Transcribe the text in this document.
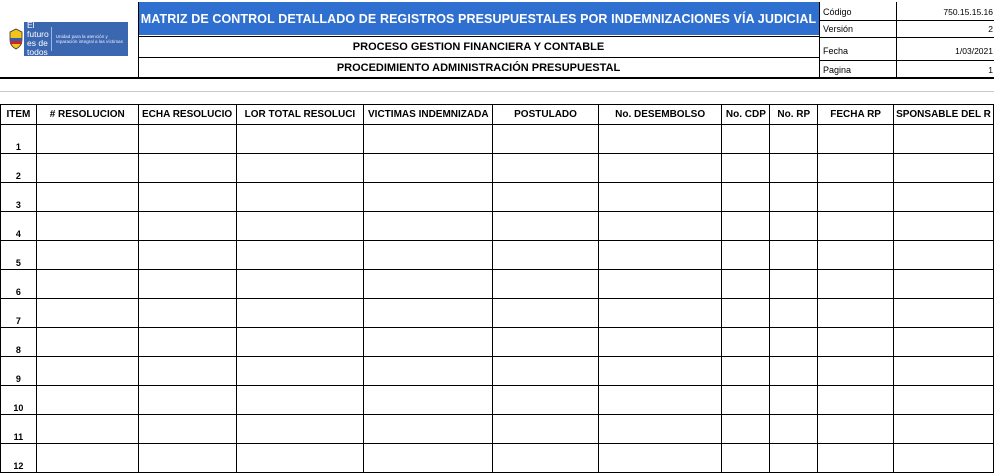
El futuro es de todos
Unidad para la atención y reparación integral a las víctimas
MATRIZ DE CONTROL DETALLADO DE REGISTROS PRESUPUESTALES POR INDEMNIZACIONES VÍA JUDICIAL
PROCESO GESTION FINANCIERA Y CONTABLE
PROCEDIMIENTO ADMINISTRACIÓN PRESUPUESTAL
Código	750.15.15.16
Versión	2
Fecha	1/03/2021
Pagina	1
ITEM	# RESOLUCION	ECHA RESOLUCIO	LOR TOTAL RESOLUCI	VICTIMAS INDEMNIZADA	POSTULADO	No. DESEMBOLSO	No. CDP	No. RP	FECHA RP	SPONSABLE DEL R
1										
2										
3										
4										
5										
6										
7										
8										
9										
10										
11										
12										
